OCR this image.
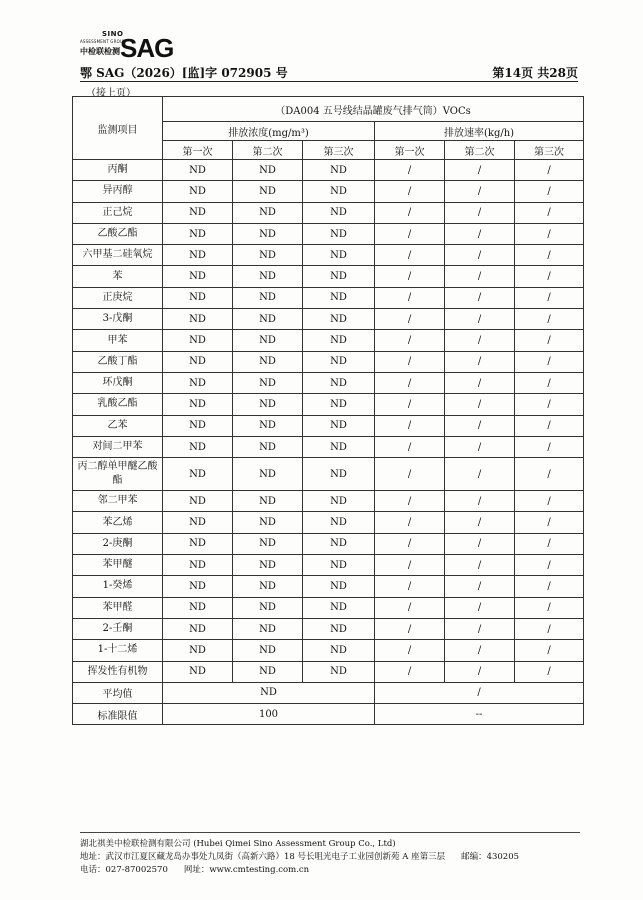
SINO
ASSESSMENT GROUP
中检联检测 SAG
鄂 SAG（2026）[监]字 072905 号	第14页 共28页
（接上页）
监测项目	（DA004 五号线结晶罐废气排气筒）VOCs					
	排放浓度(mg/m³)			排放速率(kg/h)		
	第一次	第二次	第三次	第一次	第二次	第三次
丙酮	ND	ND	ND	/	/	/
异丙醇	ND	ND	ND	/	/	/
正己烷	ND	ND	ND	/	/	/
乙酸乙酯	ND	ND	ND	/	/	/
六甲基二硅氧烷	ND	ND	ND	/	/	/
苯	ND	ND	ND	/	/	/
正庚烷	ND	ND	ND	/	/	/
3-戊酮	ND	ND	ND	/	/	/
甲苯	ND	ND	ND	/	/	/
乙酸丁酯	ND	ND	ND	/	/	/
环戊酮	ND	ND	ND	/	/	/
乳酸乙酯	ND	ND	ND	/	/	/
乙苯	ND	ND	ND	/	/	/
对间二甲苯	ND	ND	ND	/	/	/
丙二醇单甲醚乙酸酯	ND	ND	ND	/	/	/
邻二甲苯	ND	ND	ND	/	/	/
苯乙烯	ND	ND	ND	/	/	/
2-庚酮	ND	ND	ND	/	/	/
苯甲醚	ND	ND	ND	/	/	/
1-癸烯	ND	ND	ND	/	/	/
苯甲醛	ND	ND	ND	/	/	/
2-壬酮	ND	ND	ND	/	/	/
1-十二烯	ND	ND	ND	/	/	/
挥发性有机物	ND	ND	ND	/	/	/
平均值	ND			/		
标准限值	100			--		
湖北祺美中检联检测有限公司 (Hubei Qimei Sino Assessment Group Co., Ltd)
地址：武汉市江夏区藏龙岛办事处九凤街（高新六路）18 号长咀光电子工业园创新苑 A 座第三层 邮编：430205
电话：027-87002570 网址：www.cmtesting.com.cn
